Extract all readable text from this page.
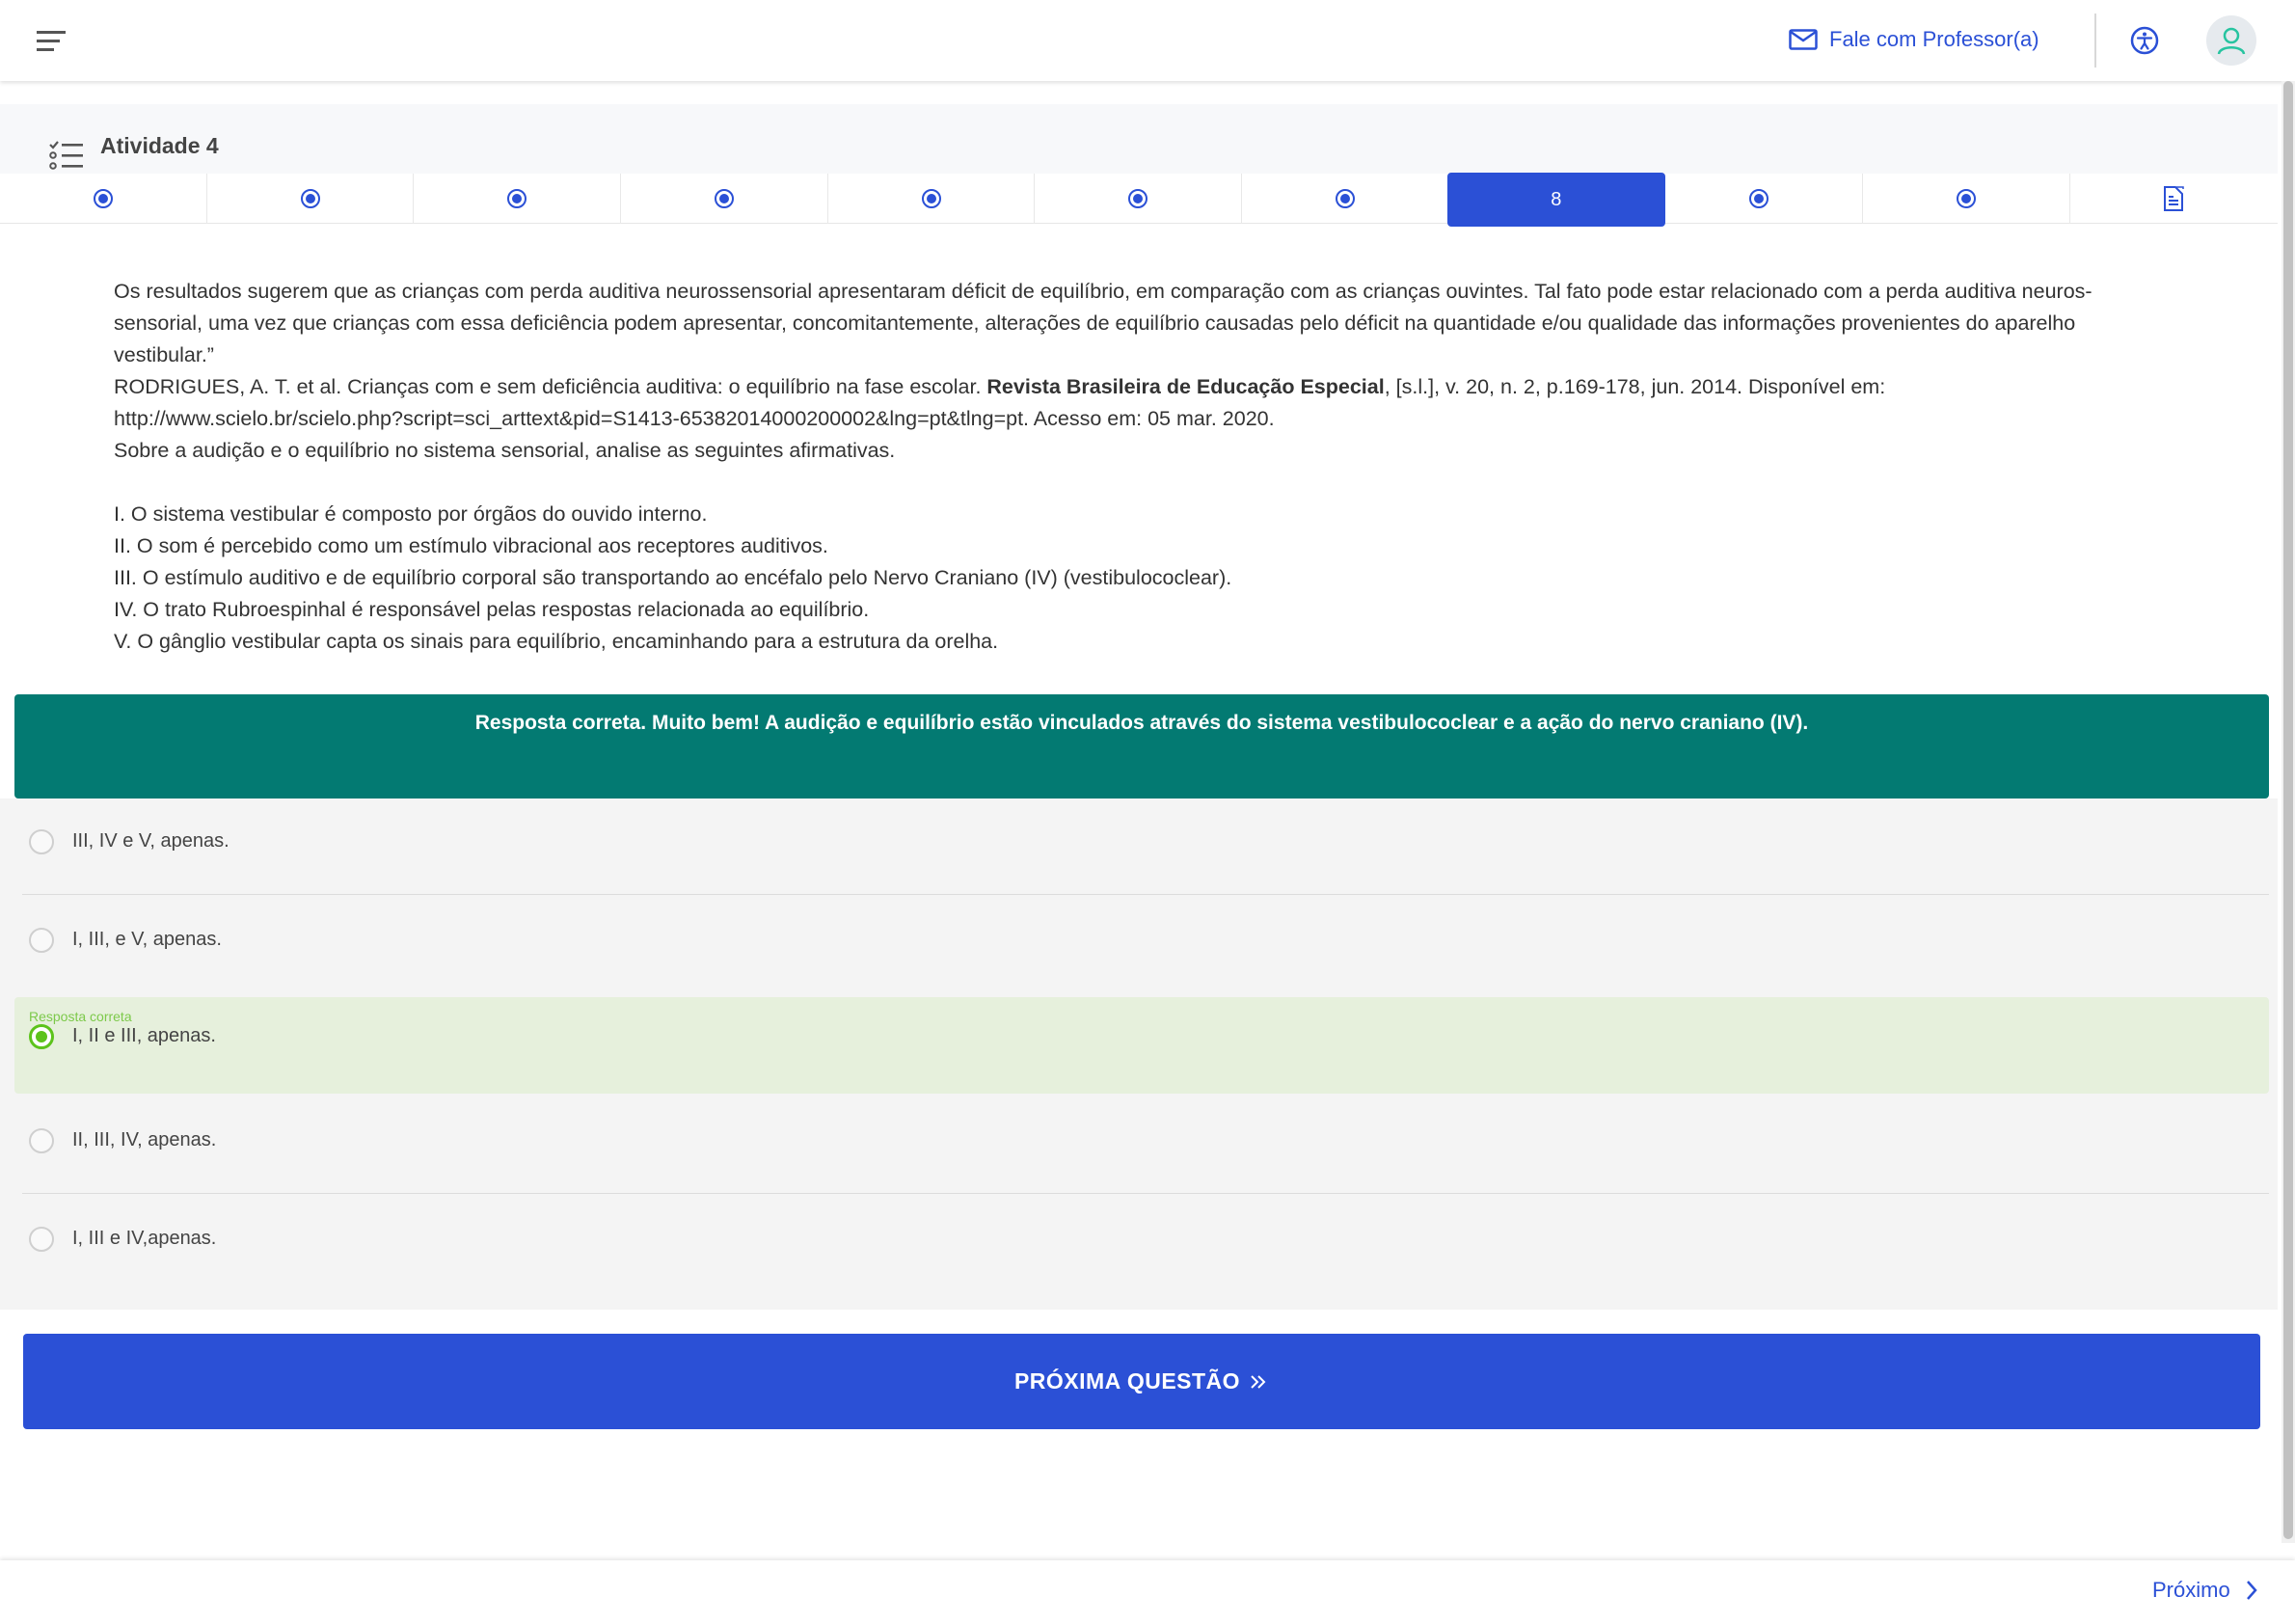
Fale com Professor(a)
Atividade 4
8

Os resultados sugerem que as crianças com perda auditiva neurossensorial apresentaram déficit de equilíbrio, em comparação com as crianças ouvintes. Tal fato pode estar relacionado com a perda auditiva neuros-sensorial, uma vez que crianças com essa deficiência podem apresentar, concomitantemente, alterações de equilíbrio causadas pelo déficit na quantidade e/ou qualidade das informações provenientes do aparelho vestibular.”

RODRIGUES, A. T. et al. Crianças com e sem deficiência auditiva: o equilíbrio na fase escolar. Revista Brasileira de Educação Especial, [s.l.], v. 20, n. 2, p.169-178, jun. 2014. Disponível em: http://www.scielo.br/scielo.php?script=sci_arttext&pid=S1413-65382014000200002&lng=pt&tlng=pt. Acesso em: 05 mar. 2020.

Sobre a audição e o equilíbrio no sistema sensorial, analise as seguintes afirmativas.

I. O sistema vestibular é composto por órgãos do ouvido interno.

II. O som é percebido como um estímulo vibracional aos receptores auditivos.

III. O estímulo auditivo e de equilíbrio corporal são transportando ao encéfalo pelo Nervo Craniano (IV) (vestibulococlear).

IV. O trato Rubroespinhal é responsável pelas respostas relacionada ao equilíbrio.

V. O gânglio vestibular capta os sinais para equilíbrio, encaminhando para a estrutura da orelha.

Resposta correta. Muito bem! A audição e equilíbrio estão vinculados através do sistema vestibulococlear e a ação do nervo craniano (IV).
III, IV e V, apenas.
I, III, e V, apenas.
Resposta correta
I, II e III, apenas.
II, III, IV, apenas.
I, III e IV,apenas.
PRÓXIMA QUESTÃO
Próximo
